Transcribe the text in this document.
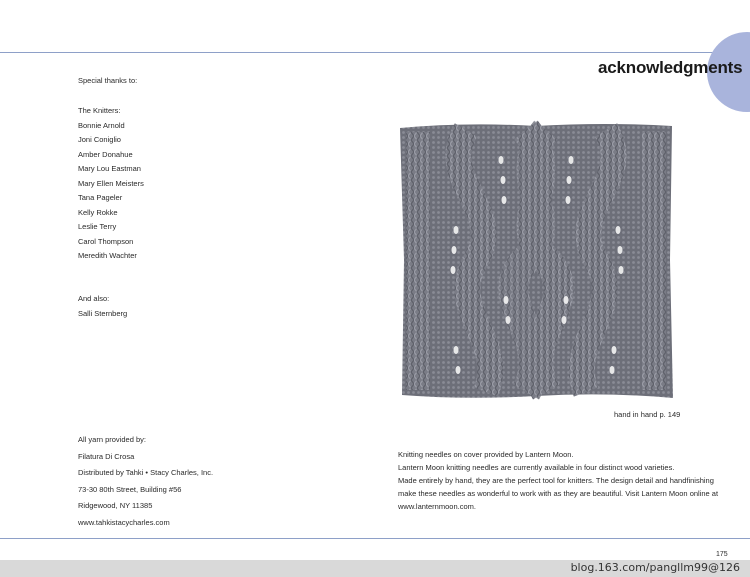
acknowledgments
Special thanks to:
The Knitters:
Bonnie Arnold
Joni Coniglio
Amber Donahue
Mary Lou Eastman
Mary Ellen Meisters
Tana Pageler
Kelly Rokke
Leslie Terry
Carol Thompson
Meredith Wachter
And also:
Salli Sternberg
All yarn provided by:
Filatura Di Crosa
Distributed by Tahki • Stacy Charles, Inc.
73-30 80th Street, Building #56
Ridgewood, NY 11385
www.tahkistacycharles.com
hand in hand p. 149
Knitting needles on cover provided by Lantern Moon.
Lantern Moon knitting needles are currently available in four distinct wood varieties.
Made entirely by hand, they are the perfect tool for knitters. The design detail and handfinishing
make these needles as wonderful to work with as they are beautiful. Visit Lantern Moon online at
www.lanternmoon.com.
175
blog.163.com/pangllm99@126
